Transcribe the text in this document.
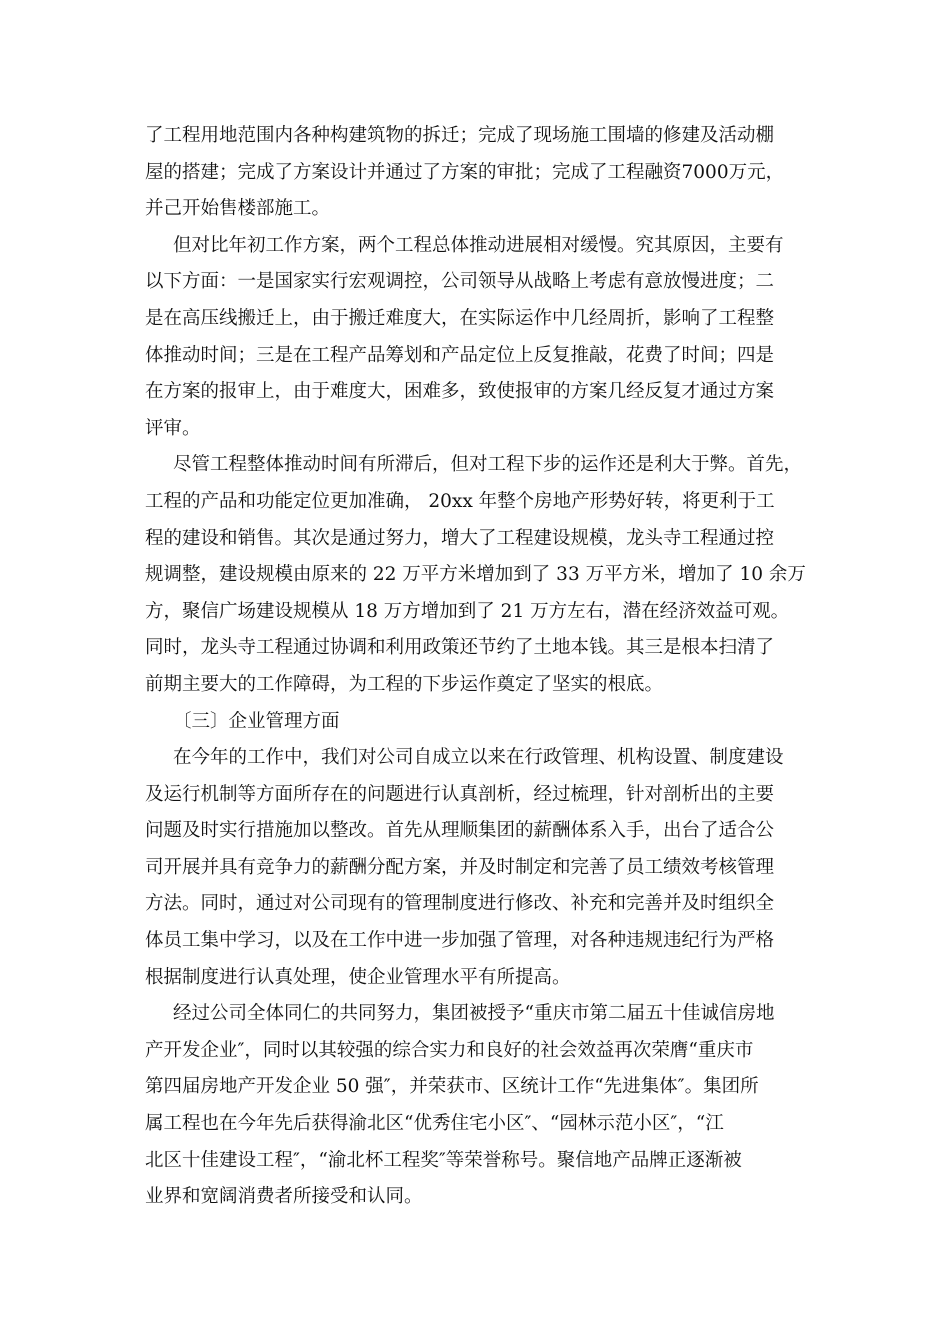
了工程用地范围内各种构建筑物的拆迁；完成了现场施工围墙的修建及活动棚
屋的搭建；完成了方案设计并通过了方案的审批；完成了工程融资7000万元，
并己开始售楼部施工。
但对比年初工作方案，两个工程总体推动进展相对缓慢。究其原因，主要有
以下方面：一是国家实行宏观调控，公司领导从战略上考虑有意放慢进度；二
是在高压线搬迁上，由于搬迁难度大，在实际运作中几经周折，影响了工程整
体推动时间；三是在工程产品筹划和产品定位上反复推敲，花费了时间；四是
在方案的报审上，由于难度大，困难多，致使报审的方案几经反复才通过方案
评审。
尽管工程整体推动时间有所滞后，但对工程下步的运作还是利大于弊。首先，
工程的产品和功能定位更加准确， 20xx 年整个房地产形势好转，将更利于工
程的建设和销售。其次是通过努力，增大了工程建设规模，龙头寺工程通过控
规调整，建设规模由原来的 22 万平方米增加到了 33 万平方米，增加了 10 余万
方，聚信广场建设规模从 18 万方增加到了 21 万方左右，潜在经济效益可观。
同时，龙头寺工程通过协调和利用政策还节约了土地本钱。其三是根本扫清了
前期主要大的工作障碍，为工程的下步运作奠定了坚实的根底。
〔三〕企业管理方面
在今年的工作中，我们对公司自成立以来在行政管理、机构设置、制度建设
及运行机制等方面所存在的问题进行认真剖析，经过梳理，针对剖析出的主要
问题及时实行措施加以整改。首先从理顺集团的薪酬体系入手，出台了适合公
司开展并具有竞争力的薪酬分配方案，并及时制定和完善了员工绩效考核管理
方法。同时，通过对公司现有的管理制度进行修改、补充和完善并及时组织全
体员工集中学习，以及在工作中进一步加强了管理，对各种违规违纪行为严格
根据制度进行认真处理，使企业管理水平有所提高。
经过公司全体同仁的共同努力，集团被授予“重庆市第二届五十佳诚信房地
产开发企业″，同时以其较强的综合实力和良好的社会效益再次荣膺“重庆市
第四届房地产开发企业 50 强″，并荣获市、区统计工作“先进集体″。集团所
属工程也在今年先后获得渝北区“优秀住宅小区″、“园林示范小区″，“江
北区十佳建设工程″，“渝北杯工程奖″等荣誉称号。聚信地产品牌正逐渐被
业界和宽阔消费者所接受和认同。
